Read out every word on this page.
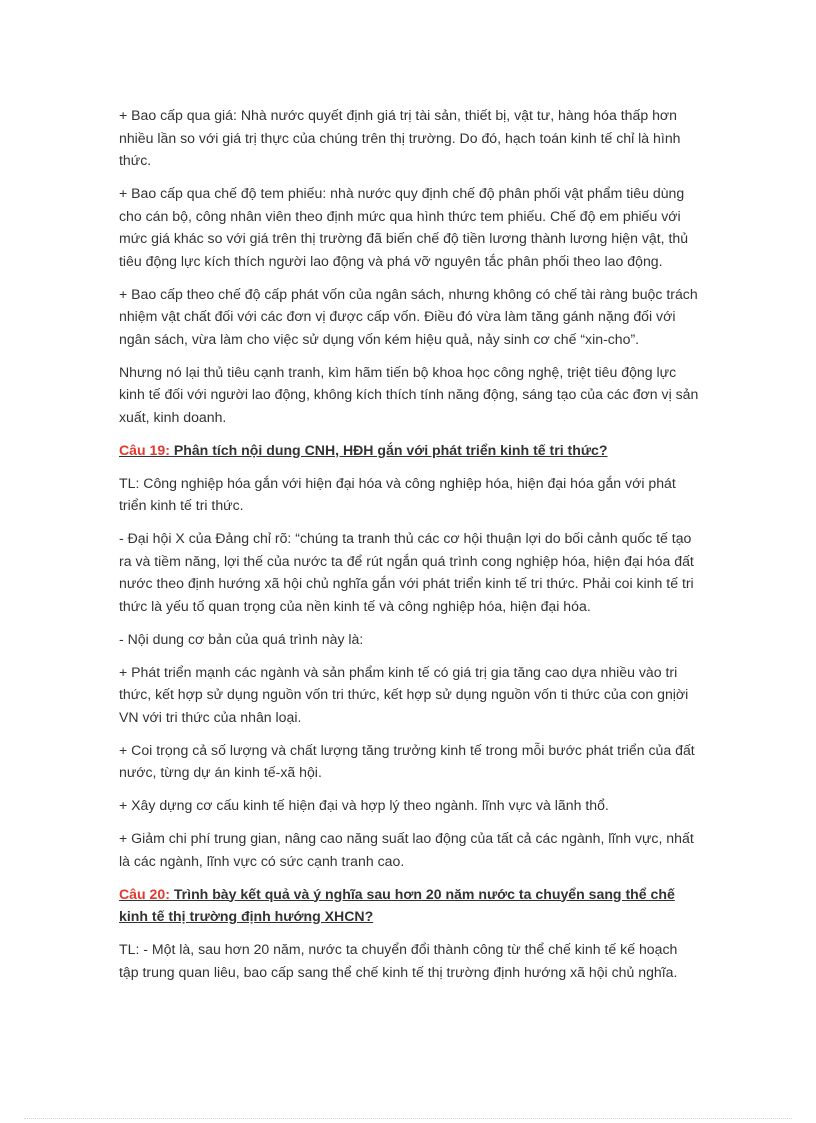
+ Bao cấp qua giá: Nhà nước quyết định giá trị tài sản, thiết bị, vật tư, hàng hóa thấp hơn nhiều lần so với giá trị thực của chúng trên thị trường. Do đó, hạch toán kinh tế chỉ là hình thức.

+ Bao cấp qua chế độ tem phiếu: nhà nước quy định chế độ phân phối vật phẩm tiêu dùng cho cán bộ, công nhân viên theo định mức qua hình thức tem phiếu. Chế độ em phiếu với mức giá khác so với giá trên thị trường đã biến chế độ tiền lương thành lương hiện vật, thủ tiêu động lực kích thích người lao động và phá vỡ nguyên tắc phân phối theo lao động.

+ Bao cấp theo chế độ cấp phát vốn của ngân sách, nhưng không có chế tài ràng buộc trách nhiệm vật chất đối với các đơn vị được cấp vốn. Điều đó vừa làm tăng gánh nặng đối với ngân sách, vừa làm cho việc sử dụng vốn kém hiệu quả, nảy sinh cơ chế “xin-cho”.

Nhưng nó lại thủ tiêu cạnh tranh, kìm hãm tiến bộ khoa học công nghệ, triệt tiêu động lực kinh tế đối với người lao động, không kích thích tính năng động, sáng tạo của các đơn vị sản xuất, kinh doanh.

Câu 19: Phân tích nội dung CNH, HĐH gắn với phát triển kinh tế tri thức?

TL: Công nghiệp hóa gắn với hiện đại hóa và công nghiệp hóa, hiện đại hóa gắn với phát triển kinh tế tri thức.

- Đại hội X của Đảng chỉ rõ: “chúng ta tranh thủ các cơ hội thuận lợi do bối cảnh quốc tế tạo ra và tiềm năng, lợi thế của nước ta để rút ngắn quá trình cong nghiệp hóa, hiện đại hóa đất nước theo định hướng xã hội chủ nghĩa gắn với phát triển kinh tế tri thức. Phải coi kinh tế tri thức là yếu tố quan trọng của nền kinh tế và công nghiệp hóa, hiện đại hóa.

- Nội dung cơ bản của quá trình này là:

+ Phát triển mạnh các ngành và sản phẩm kinh tế có giá trị gia tăng cao dựa nhiều vào tri thức, kết hợp sử dụng nguồn vốn tri thức, kết hợp sử dụng nguồn vốn ti thức của con gnịời VN với tri thức của nhân loại.

+ Coi trọng cả số lượng và chất lượng tăng trưởng kinh tế trong mỗi bước phát triển của đất nước, từng dự án kinh tế-xã hội.

+ Xây dựng cơ cấu kinh tế hiện đại và hợp lý theo ngành. lĩnh vực và lãnh thổ.

+ Giảm chi phí trung gian, nâng cao năng suất lao động của tất cả các ngành, lĩnh vực, nhất là các ngành, lĩnh vực có sức cạnh tranh cao.

Câu 20: Trình bày kết quả và ý nghĩa sau hơn 20 năm nước ta chuyển sang thể chế kinh tế thị trường định hướng XHCN?

TL: - Một là, sau hơn 20 năm, nước ta chuyển đổi thành công từ thể chế kinh tế kế hoạch tập trung quan liêu, bao cấp sang thể chế kinh tế thị trường định hướng xã hội chủ nghĩa.
